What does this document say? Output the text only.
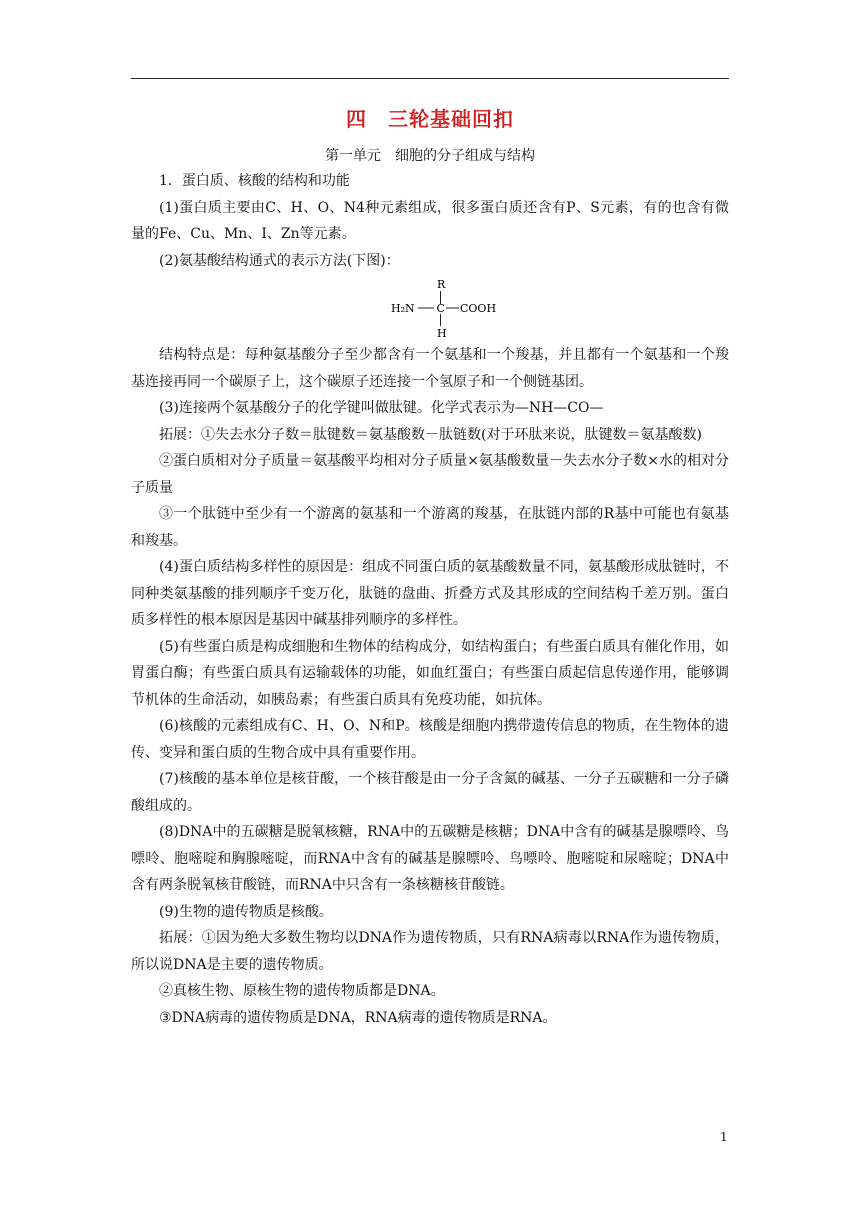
四　三轮基础回扣
第一单元　细胞的分子组成与结构

1．蛋白质、核酸的结构和功能

(1)蛋白质主要由C、H、O、N4种元素组成，很多蛋白质还含有P、S元素，有的也含有微量的Fe、Cu、Mn、I、Zn等元素。

(2)氨基酸结构通式的表示方法(下图)：

R
H₂N C COOH
H

结构特点是：每种氨基酸分子至少都含有一个氨基和一个羧基，并且都有一个氨基和一个羧基连接再同一个碳原子上，这个碳原子还连接一个氢原子和一个侧链基团。

(3)连接两个氨基酸分子的化学键叫做肽键。化学式表示为—NH—CO—

拓展：①失去水分子数＝肽键数＝氨基酸数－肽链数(对于环肽来说，肽键数＝氨基酸数)

②蛋白质相对分子质量＝氨基酸平均相对分子质量×氨基酸数量－失去水分子数×水的相对分子质量

③一个肽链中至少有一个游离的氨基和一个游离的羧基，在肽链内部的R基中可能也有氨基和羧基。

(4)蛋白质结构多样性的原因是：组成不同蛋白质的氨基酸数量不同，氨基酸形成肽链时，不同种类氨基酸的排列顺序千变万化，肽链的盘曲、折叠方式及其形成的空间结构千差万别。蛋白质多样性的根本原因是基因中碱基排列顺序的多样性。

(5)有些蛋白质是构成细胞和生物体的结构成分，如结构蛋白；有些蛋白质具有催化作用，如胃蛋白酶；有些蛋白质具有运输载体的功能，如血红蛋白；有些蛋白质起信息传递作用，能够调节机体的生命活动，如胰岛素；有些蛋白质具有免疫功能，如抗体。

(6)核酸的元素组成有C、H、O、N和P。核酸是细胞内携带遗传信息的物质，在生物体的遗传、变异和蛋白质的生物合成中具有重要作用。

(7)核酸的基本单位是核苷酸，一个核苷酸是由一分子含氮的碱基、一分子五碳糖和一分子磷酸组成的。

(8)DNA中的五碳糖是脱氧核糖，RNA中的五碳糖是核糖；DNA中含有的碱基是腺嘌呤、鸟嘌呤、胞嘧啶和胸腺嘧啶，而RNA中含有的碱基是腺嘌呤、鸟嘌呤、胞嘧啶和尿嘧啶；DNA中含有两条脱氧核苷酸链，而RNA中只含有一条核糖核苷酸链。

(9)生物的遗传物质是核酸。

拓展：①因为绝大多数生物均以DNA作为遗传物质，只有RNA病毒以RNA作为遗传物质，所以说DNA是主要的遗传物质。

②真核生物、原核生物的遗传物质都是DNA。

③DNA病毒的遗传物质是DNA，RNA病毒的遗传物质是RNA。

1
